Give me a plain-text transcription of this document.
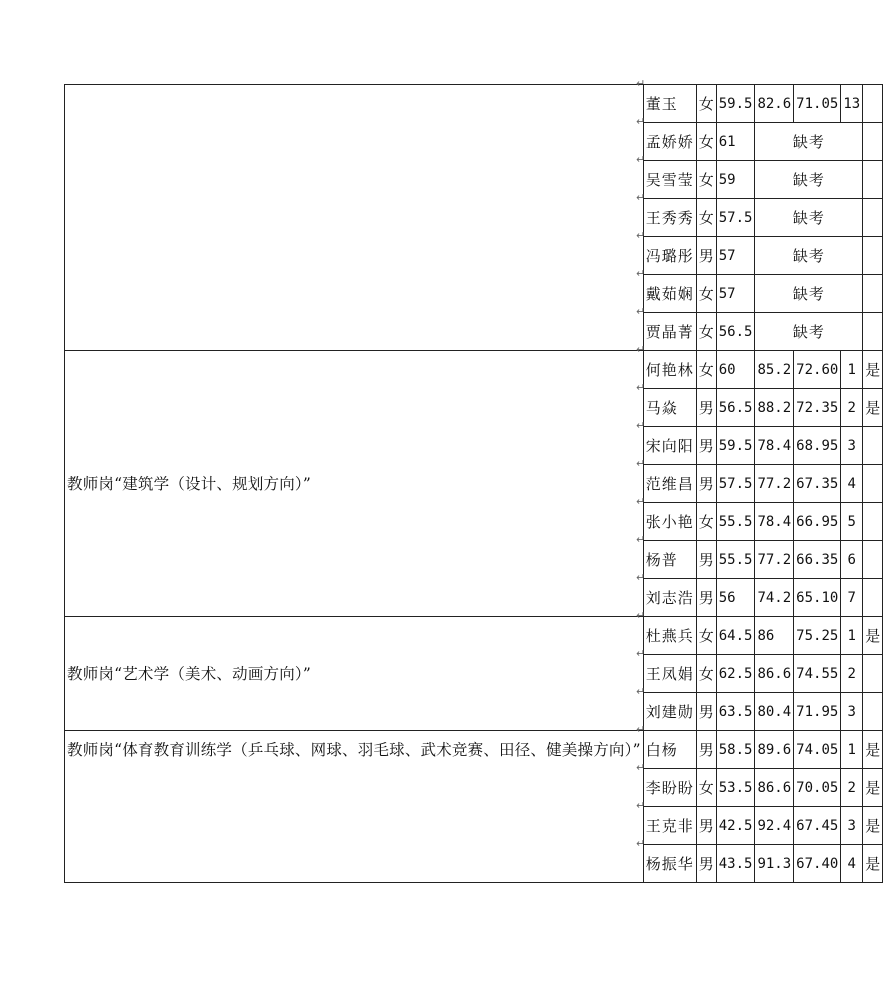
	董玉	女	59.5	82.6	71.05	13	
	孟娇娇	女	61	缺考			
	吴雪莹	女	59	缺考			
	王秀秀	女	57.5	缺考			
	冯璐彤	男	57	缺考			
	戴茹娴	女	57	缺考			
	贾晶菁	女	56.5	缺考			
教师岗“建筑学（设计、规划方向）”	何艳林	女	60	85.2	72.60	1	是
	马焱	男	56.5	88.2	72.35	2	是
	宋向阳	男	59.5	78.4	68.95	3	
	范维昌	男	57.5	77.2	67.35	4	
	张小艳	女	55.5	78.4	66.95	5	
	杨普	男	55.5	77.2	66.35	6	
	刘志浩	男	56	74.2	65.10	7	
教师岗“艺术学（美术、动画方向）”	杜燕兵	女	64.5	86	75.25	1	是
	王凤娟	女	62.5	86.6	74.55	2	
	刘建勋	男	63.5	80.4	71.95	3	
教师岗“体育教育训练学（乒乓球、网球、羽毛球、武术竞赛、田径、健美操方向）”	白杨	男	58.5	89.6	74.05	1	是
	李盼盼	女	53.5	86.6	70.05	2	是
	王克非	男	42.5	92.4	67.45	3	是
	杨振华	男	43.5	91.3	67.40	4	是
↵
↵
↵
↵
↵
↵
↵
↵
↵
↵
↵
↵
↵
↵
↵
↵
↵
↵
↵
↵
↵
